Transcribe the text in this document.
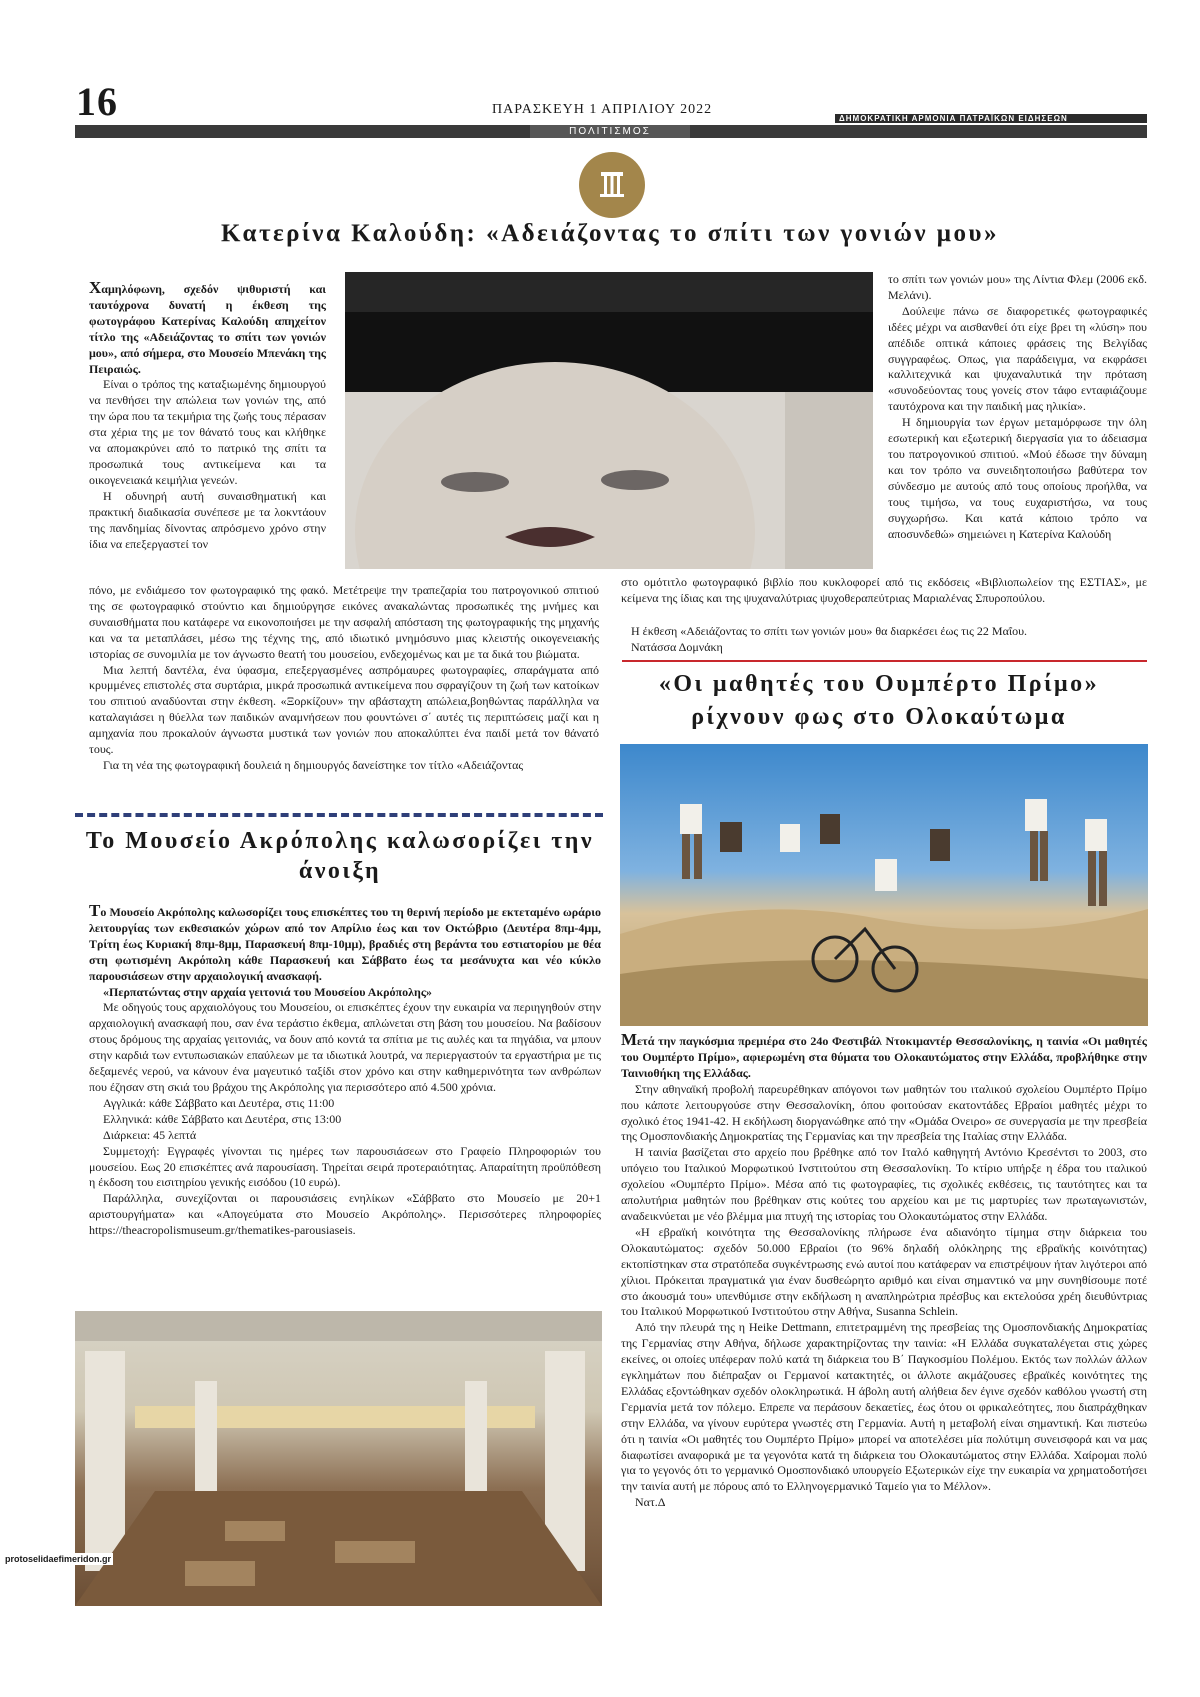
16	ΠΑΡΑΣΚΕΥΗ 1 ΑΠΡΙΛΙΟΥ 2022
ΔΗΜΟΚΡΑΤΙΚΗ ΑΡΜΟΝΙΑ ΠΑΤΡΑΪΚΩΝ ΕΙΔΗΣΕΩΝ
ΠΟΛΙΤΙΣΜΟΣ
Κατερίνα Καλούδη: «Αδειάζοντας το σπίτι των γονιών μου»

Χαμηλόφωνη, σχεδόν ψιθυριστή και ταυτόχρονα δυνατή η έκθεση της φωτογράφου Κατερίνας Καλούδη απηχείτον τίτλο της «Αδειάζοντας το σπίτι των γονιών μου», από σήμερα, στο Μουσείο Μπενάκη της Πειραιώς.

Είναι ο τρόπος της καταξιωμένης δημιουργού να πενθήσει την απώλεια των γονιών της, από την ώρα που τα τεκμήρια της ζωής τους πέρασαν στα χέρια της με τον θάνατό τους και κλήθηκε να απομακρύνει από το πατρικό της σπίτι τα προσωπικά τους αντικείμενα και τα οικογενειακά κειμήλια γενεών.

Η οδυνηρή αυτή συναισθηματική και πρακτική διαδικασία συνέπεσε με τα λοκντάουν της πανδημίας δίνοντας απρόσμενο χρόνο στην ίδια να επεξεργαστεί τον

το σπίτι των γονιών μου» της Λίντια Φλεμ (2006 εκδ. Μελάνι).

Δούλεψε πάνω σε διαφορετικές φωτογραφικές ιδέες μέχρι να αισθανθεί ότι είχε βρει τη «λύση» που απέδιδε οπτικά κάποιες φράσεις της Βελγίδας συγγραφέως. Οπως, για παράδειγμα, να εκφράσει καλλιτεχνικά και ψυχαναλυτικά την πρόταση «συνοδεύοντας τους γονείς στον τάφο ενταφιάζουμε ταυτόχρονα και την παιδική μας ηλικία».

Η δημιουργία των έργων μεταμόρφωσε την όλη εσωτερική και εξωτερική διεργασία για το άδειασμα του πατρογονικού σπιτιού. «Μού έδωσε την δύναμη και τον τρόπο να συνειδητοποιήσω βαθύτερα τον σύνδεσμο με αυτούς από τους οποίους προήλθα, να τους τιμήσω, να τους ευχαριστήσω, να τους συγχωρήσω. Και κατά κάποιο τρόπο να αποσυνδεθώ» σημειώνει η Κατερίνα Καλούδη

πόνο, με ενδιάμεσο τον φωτογραφικό της φακό. Μετέτρεψε την τραπεζαρία του πατρογονικού σπιτιού της σε φωτογραφικό στούντιο και δημιούργησε εικόνες ανακαλώντας προσωπικές της μνήμες και συναισθήματα που κατάφερε να εικονοποιήσει με την ασφαλή απόσταση της φωτογραφικής της μηχανής και να τα μεταπλάσει, μέσω της τέχνης της, από ιδιωτικό μνημόσυνο μιας κλειστής οικογενειακής ιστορίας σε συνομιλία με τον άγνωστο θεατή του μουσείου, ενδεχομένως και με τα δικά του βιώματα.

Μια λεπτή δαντέλα, ένα ύφασμα, επεξεργασμένες ασπρόμαυρες φωτογραφίες, σπαράγματα από κρυμμένες επιστολές στα συρτάρια, μικρά προσωπικά αντικείμενα που σφραγίζουν τη ζωή των κατοίκων του σπιτιού αναδύονται στην έκθεση. «Ξορκίζουν» την αβάσταχτη απώλεια,βοηθώντας παράλληλα να καταλαγιάσει η θύελλα των παιδικών αναμνήσεων που φουντώνει σ΄ αυτές τις περιπτώσεις μαζί και η αμηχανία που προκαλούν άγνωστα μυστικά των γονιών που αποκαλύπτει ένα παιδί μετά τον θάνατό τους.

Για τη νέα της φωτογραφική δουλειά η δημιουργός δανείστηκε τον τίτλο «Αδειάζοντας

στο ομότιτλο φωτογραφικό βιβλίο που κυκλοφορεί από τις εκδόσεις «Βιβλιοπωλείον της ΕΣΤΙΑΣ», με κείμενα της ίδιας και της ψυχαναλύτριας ψυχοθεραπεύτριας Μαριαλένας Σπυροπούλου.

Η έκθεση «Αδειάζοντας το σπίτι των γονιών μου» θα διαρκέσει έως τις 22 Μαΐου.

Νατάσσα Δομνάκη

«Οι μαθητές του Ουμπέρτο Πρίμο»
ρίχνουν φως στο Ολοκαύτωμα

Μετά την παγκόσμια πρεμιέρα στο 24ο Φεστιβάλ Ντοκιμαντέρ Θεσσαλονίκης, η ταινία «Οι μαθητές του Ουμπέρτο Πρίμο», αφιερωμένη στα θύματα του Ολοκαυτώματος στην Ελλάδα, προβλήθηκε στην Ταινιοθήκη της Ελλάδας.

Στην αθηναϊκή προβολή παρευρέθηκαν απόγονοι των μαθητών του ιταλικού σχολείου Ουμπέρτο Πρίμο που κάποτε λειτουργούσε στην Θεσσαλονίκη, όπου φοιτούσαν εκατοντάδες Εβραίοι μαθητές μέχρι το σχολικό έτος 1941-42. Η εκδήλωση διοργανώθηκε από την «Ομάδα Ονειρο» σε συνεργασία με την πρεσβεία της Ομοσπονδιακής Δημοκρατίας της Γερμανίας και την πρεσβεία της Ιταλίας στην Ελλάδα.

Η ταινία βασίζεται στο αρχείο που βρέθηκε από τον Ιταλό καθηγητή Αντόνιο Κρεσέντσι το 2003, στο υπόγειο του Ιταλικού Μορφωτικού Ινστιτούτου στη Θεσσαλονίκη. Το κτίριο υπήρξε η έδρα του ιταλικού σχολείου «Ουμπέρτο Πρίμο». Μέσα από τις φωτογραφίες, τις σχολικές εκθέσεις, τις ταυτότητες και τα απολυτήρια μαθητών που βρέθηκαν στις κούτες του αρχείου και με τις μαρτυρίες των πρωταγωνιστών, αναδεικνύεται με νέο βλέμμα μια πτυχή της ιστορίας του Ολοκαυτώματος στην Ελλάδα.

«Η εβραϊκή κοινότητα της Θεσσαλονίκης πλήρωσε ένα αδιανόητο τίμημα στην διάρκεια του Ολοκαυτώματος: σχεδόν 50.000 Εβραίοι (το 96% δηλαδή ολόκληρης της εβραϊκής κοινότητας) εκτοπίστηκαν στα στρατόπεδα συγκέντρωσης ενώ αυτοί που κατάφεραν να επιστρέψουν ήταν λιγότεροι από χίλιοι. Πρόκειται πραγματικά για έναν δυσθεώρητο αριθμό και είναι σημαντικό να μην συνηθίσουμε ποτέ στο άκουσμά του» υπενθύμισε στην εκδήλωση η αναπληρώτρια πρέσβυς και εκτελούσα χρέη διευθύντριας του Ιταλικού Μορφωτικού Ινστιτούτου στην Αθήνα, Susanna Schlein.

Από την πλευρά της η Heike Dettmann, επιτετραμμένη της πρεσβείας της Ομοσπονδιακής Δημοκρατίας της Γερμανίας στην Αθήνα, δήλωσε χαρακτηρίζοντας την ταινία: «Η Ελλάδα συγκαταλέγεται στις χώρες εκείνες, οι οποίες υπέφεραν πολύ κατά τη διάρκεια του Β΄ Παγκοσμίου Πολέμου. Εκτός των πολλών άλλων εγκλημάτων που διέπραξαν οι Γερμανοί κατακτητές, οι άλλοτε ακμάζουσες εβραϊκές κοινότητες της Ελλάδας εξοντώθηκαν σχεδόν ολοκληρωτικά. Η άβολη αυτή αλήθεια δεν έγινε σχεδόν καθόλου γνωστή στη Γερμανία μετά τον πόλεμο. Επρεπε να περάσουν δεκαετίες, έως ότου οι φρικαλεότητες, που διαπράχθηκαν στην Ελλάδα, να γίνουν ευρύτερα γνωστές στη Γερμανία. Αυτή η μεταβολή είναι σημαντική. Και πιστεύω ότι η ταινία «Οι μαθητές του Ουμπέρτο Πρίμο» μπορεί να αποτελέσει μία πολύτιμη συνεισφορά και να μας διαφωτίσει αναφορικά με τα γεγονότα κατά τη διάρκεια του Ολοκαυτώματος στην Ελλάδα. Χαίρομαι πολύ για το γεγονός ότι το γερμανικό Ομοσπονδιακό υπουργείο Εξωτερικών είχε την ευκαιρία να χρηματοδοτήσει την ταινία αυτή με πόρους από το Ελληνογερμανικό Ταμείο για το Μέλλον».

Νατ.Δ

Το Μουσείο Ακρόπολης καλωσορίζει την άνοιξη

Το Μουσείο Ακρόπολης καλωσορίζει τους επισκέπτες του τη θερινή περίοδο με εκτεταμένο ωράριο λειτουργίας των εκθεσιακών χώρων από τον Απρίλιο έως και τον Οκτώβριο (Δευτέρα 8πμ-4μμ, Τρίτη έως Κυριακή 8πμ-8μμ, Παρασκευή 8πμ-10μμ), βραδιές στη βεράντα του εστιατορίου με θέα στη φωτισμένη Ακρόπολη κάθε Παρασκευή και Σάββατο έως τα μεσάνυχτα και νέο κύκλο παρουσιάσεων στην αρχαιολογική ανασκαφή.

«Περπατώντας στην αρχαία γειτονιά του Μουσείου Ακρόπολης»

Με οδηγούς τους αρχαιολόγους του Μουσείου, οι επισκέπτες έχουν την ευκαιρία να περιηγηθούν στην αρχαιολογική ανασκαφή που, σαν ένα τεράστιο έκθεμα, απλώνεται στη βάση του μουσείου. Να βαδίσουν στους δρόμους της αρχαίας γειτονιάς, να δουν από κοντά τα σπίτια με τις αυλές και τα πηγάδια, να μπουν στην καρδιά των εντυπωσιακών επαύλεων με τα ιδιωτικά λουτρά, να περιεργαστούν τα εργαστήρια με τις δεξαμενές νερού, να κάνουν ένα μαγευτικό ταξίδι στον χρόνο και στην καθημερινότητα των ανθρώπων που έζησαν στη σκιά του βράχου της Ακρόπολης για περισσότερο από 4.500 χρόνια.

Αγγλικά: κάθε Σάββατο και Δευτέρα, στις 11:00

Ελληνικά: κάθε Σάββατο και Δευτέρα, στις 13:00

Διάρκεια: 45 λεπτά

Συμμετοχή: Εγγραφές γίνονται τις ημέρες των παρουσιάσεων στο Γραφείο Πληροφοριών του μουσείου. Εως 20 επισκέπτες ανά παρουσίαση. Τηρείται σειρά προτεραιότητας. Απαραίτητη προϋπόθεση η έκδοση του εισιτηρίου γενικής εισόδου (10 ευρώ).

Παράλληλα, συνεχίζονται οι παρουσιάσεις ενηλίκων «Σάββατο στο Μουσείο με 20+1 αριστουργήματα» και «Απογεύματα στο Μουσείο Ακρόπολης». Περισσότερες πληροφορίες https://theacropolismuseum.gr/thematikes-parousiaseis.

protoselidaefimeridon.gr
